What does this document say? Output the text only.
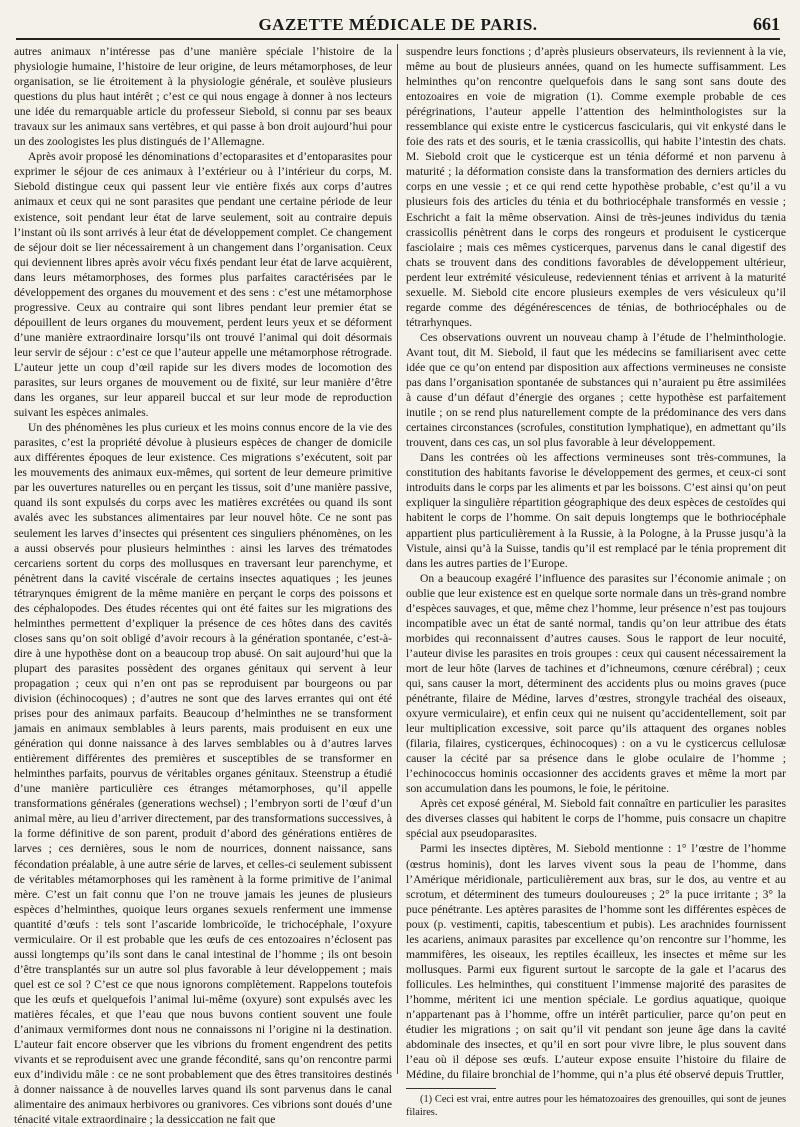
GAZETTE MÉDICALE DE PARIS.	661

autres animaux n’intéresse pas d’une manière spéciale l’histoire de la physiologie humaine, l’histoire de leur origine, de leurs métamorphoses, de leur organisation, se lie étroitement à la physiologie générale, et soulève plusieurs questions du plus haut intérêt ; c’est ce qui nous engage à donner à nos lecteurs une idée du remarquable article du professeur Siebold, si connu par ses beaux travaux sur les animaux sans vertèbres, et qui passe à bon droit aujourd’hui pour un des zoologistes les plus distingués de l’Allemagne.

Après avoir proposé les dénominations d’ectoparasites et d’entoparasites pour exprimer le séjour de ces animaux à l’extérieur ou à l’intérieur du corps, M. Siebold distingue ceux qui passent leur vie entière fixés aux corps d’autres animaux et ceux qui ne sont parasites que pendant une certaine période de leur existence, soit pendant leur état de larve seulement, soit au contraire depuis l’instant où ils sont arrivés à leur état de développement complet. Ce changement de séjour doit se lier nécessairement à un changement dans l’organisation. Ceux qui deviennent libres après avoir vécu fixés pendant leur état de larve acquièrent, dans leurs métamorphoses, des formes plus parfaites caractérisées par le développement des organes du mouvement et des sens : c’est une métamorphose progressive. Ceux au contraire qui sont libres pendant leur premier état se dépouillent de leurs organes du mouvement, perdent leurs yeux et se déforment d’une manière extraordinaire lorsqu’ils ont trouvé l’animal qui doit désormais leur servir de séjour : c’est ce que l’auteur appelle une métamorphose rétrograde. L’auteur jette un coup d’œil rapide sur les divers modes de locomotion des parasites, sur leurs organes de mouvement ou de fixité, sur leur manière d’être dans les organes, sur leur appareil buccal et sur leur mode de reproduction suivant les espèces animales.

Un des phénomènes les plus curieux et les moins connus encore de la vie des parasites, c’est la propriété dévolue à plusieurs espèces de changer de domicile aux différentes époques de leur existence. Ces migrations s’exécutent, soit par les mouvements des animaux eux-mêmes, qui sortent de leur demeure primitive par les ouvertures naturelles ou en perçant les tissus, soit d’une manière passive, quand ils sont expulsés du corps avec les matières excrétées ou quand ils sont avalés avec les substances alimentaires par leur nouvel hôte. Ce ne sont pas seulement les larves d’insectes qui présentent ces singuliers phénomènes, on les a aussi observés pour plusieurs helminthes : ainsi les larves des trématodes cercariens sortent du corps des mollusques en traversant leur parenchyme, et pénètrent dans la cavité viscérale de certains insectes aquatiques ; les jeunes tétrarynques émigrent de la même manière en perçant le corps des poissons et des céphalopodes. Des études récentes qui ont été faites sur les migrations des helminthes permettent d’expliquer la présence de ces hôtes dans des cavités closes sans qu’on soit obligé d’avoir recours à la génération spontanée, c’est-à-dire à une hypothèse dont on a beaucoup trop abusé. On sait aujourd’hui que la plupart des parasites possèdent des organes génitaux qui servent à leur propagation ; ceux qui n’en ont pas se reproduisent par bourgeons ou par division (échinocoques) ; d’autres ne sont que des larves errantes qui ont été prises pour des animaux parfaits. Beaucoup d’helminthes ne se transforment jamais en animaux semblables à leurs parents, mais produisent en eux une génération qui donne naissance à des larves semblables ou à d’autres larves entièrement différentes des premières et susceptibles de se transformer en helminthes parfaits, pourvus de véritables organes génitaux. Steenstrup a étudié d’une manière particulière ces étranges métamorphoses, qu’il appelle transformations générales (generations wechsel) ; l’embryon sorti de l’œuf d’un animal mère, au lieu d’arriver directement, par des transformations successives, à la forme définitive de son parent, produit d’abord des générations entières de larves ; ces dernières, sous le nom de nourrices, donnent naissance, sans fécondation préalable, à une autre série de larves, et celles-ci seulement subissent de véritables métamorphoses qui les ramènent à la forme primitive de l’animal mère. C’est un fait connu que l’on ne trouve jamais les jeunes de plusieurs espèces d’helminthes, quoique leurs organes sexuels renferment une immense quantité d’œufs : tels sont l’ascaride lombricoïde, le trichocéphale, l’oxyure vermiculaire. Or il est probable que les œufs de ces entozoaires n’éclosent pas aussi longtemps qu’ils sont dans le canal intestinal de l’homme ; ils ont besoin d’être transplantés sur un autre sol plus favorable à leur développement ; mais quel est ce sol ? C’est ce que nous ignorons complètement. Rappelons toutefois que les œufs et quelquefois l’animal lui-même (oxyure) sont expulsés avec les matières fécales, et que l’eau que nous buvons contient souvent une foule d’animaux vermiformes dont nous ne connaissons ni l’origine ni la destination. L’auteur fait encore observer que les vibrions du froment engendrent des petits vivants et se reproduisent avec une grande fécondité, sans qu’on rencontre parmi eux d’individu mâle : ce ne sont probablement que des êtres transitoires destinés à donner naissance à de nouvelles larves quand ils sont parvenus dans le canal alimentaire des animaux herbivores ou granivores. Ces vibrions sont doués d’une ténacité vitale extraordinaire ; la dessiccation ne fait que

suspendre leurs fonctions ; d’après plusieurs observateurs, ils reviennent à la vie, même au bout de plusieurs années, quand on les humecte suffisamment. Les helminthes qu’on rencontre quelquefois dans le sang sont sans doute des entozoaires en voie de migration (1). Comme exemple probable de ces pérégrinations, l’auteur appelle l’attention des helminthologistes sur la ressemblance qui existe entre le cysticercus fascicularis, qui vit enkysté dans le foie des rats et des souris, et le tænia crassicollis, qui habite l’intestin des chats. M. Siebold croit que le cysticerque est un ténia déformé et non parvenu à maturité ; la déformation consiste dans la transformation des derniers articles du corps en une vessie ; et ce qui rend cette hypothèse probable, c’est qu’il a vu plusieurs fois des articles du ténia et du bothriocéphale transformés en vessie ; Eschricht a fait la même observation. Ainsi de très-jeunes individus du tænia crassicollis pénètrent dans le corps des rongeurs et produisent le cysticerque fasciolaire ; mais ces mêmes cysticerques, parvenus dans le canal digestif des chats se trouvent dans des conditions favorables de développement ultérieur, perdent leur extrémité vésiculeuse, redeviennent ténias et arrivent à la maturité sexuelle. M. Siebold cite encore plusieurs exemples de vers vésiculeux qu’il regarde comme des dégénérescences de ténias, de bothriocéphales ou de tétrarhynques.

Ces observations ouvrent un nouveau champ à l’étude de l’helminthologie. Avant tout, dit M. Siebold, il faut que les médecins se familiarisent avec cette idée que ce qu’on entend par disposition aux affections vermineuses ne consiste pas dans l’organisation spontanée de substances qui n’auraient pu être assimilées à cause d’un défaut d’énergie des organes ; cette hypothèse est parfaitement inutile ; on se rend plus naturellement compte de la prédominance des vers dans certaines circonstances (scrofules, constitution lymphatique), en admettant qu’ils trouvent, dans ces cas, un sol plus favorable à leur développement.

Dans les contrées où les affections vermineuses sont très-communes, la constitution des habitants favorise le développement des germes, et ceux-ci sont introduits dans le corps par les aliments et par les boissons. C’est ainsi qu’on peut expliquer la singulière répartition géographique des deux espèces de cestoïdes qui habitent le corps de l’homme. On sait depuis longtemps que le bothriocéphale appartient plus particulièrement à la Russie, à la Pologne, à la Prusse jusqu’à la Vistule, ainsi qu’à la Suisse, tandis qu’il est remplacé par le ténia proprement dit dans les autres parties de l’Europe.

On a beaucoup exagéré l’influence des parasites sur l’économie animale ; on oublie que leur existence est en quelque sorte normale dans un très-grand nombre d’espèces sauvages, et que, même chez l’homme, leur présence n’est pas toujours incompatible avec un état de santé normal, tandis qu’on leur attribue des états morbides qui reconnaissent d’autres causes. Sous le rapport de leur nocuité, l’auteur divise les parasites en trois groupes : ceux qui causent nécessairement la mort de leur hôte (larves de tachines et d’ichneumons, cœnure cérébral) ; ceux qui, sans causer la mort, déterminent des accidents plus ou moins graves (puce pénétrante, filaire de Médine, larves d’œstres, strongyle trachéal des oiseaux, oxyure vermiculaire), et enfin ceux qui ne nuisent qu’accidentellement, soit par leur multiplication excessive, soit parce qu’ils attaquent des organes nobles (filaria, filaires, cysticerques, échinocoques) : on a vu le cysticercus cellulosæ causer la cécité par sa présence dans le globe oculaire de l’homme ; l’echinococcus hominis occasionner des accidents graves et même la mort par son accumulation dans les poumons, le foie, le péritoine.

Après cet exposé général, M. Siebold fait connaître en particulier les parasites des diverses classes qui habitent le corps de l’homme, puis consacre un chapitre spécial aux pseudoparasites.

Parmi les insectes diptères, M. Siebold mentionne : 1° l’œstre de l’homme (œstrus hominis), dont les larves vivent sous la peau de l’homme, dans l’Amérique méridionale, particulièrement aux bras, sur le dos, au ventre et au scrotum, et déterminent des tumeurs douloureuses ; 2° la puce irritante ; 3° la puce pénétrante. Les aptères parasites de l’homme sont les différentes espèces de poux (p. vestimenti, capitis, tabescentium et pubis). Les arachnides fournissent les acariens, animaux parasites par excellence qu’on rencontre sur l’homme, les mammifères, les oiseaux, les reptiles écailleux, les insectes et même sur les mollusques. Parmi eux figurent surtout le sarcopte de la gale et l’acarus des follicules. Les helminthes, qui constituent l’immense majorité des parasites de l’homme, méritent ici une mention spéciale. Le gordius aquatique, quoique n’appartenant pas à l’homme, offre un intérêt particulier, parce qu’on peut en étudier les migrations ; on sait qu’il vit pendant son jeune âge dans la cavité abdominale des insectes, et qu’il en sort pour vivre libre, le plus souvent dans l’eau où il dépose ses œufs. L’auteur expose ensuite l’histoire du filaire de Médine, du filaire bronchial de l’homme, qui n’a plus été observé depuis Truttler,

(1) Ceci est vrai, entre autres pour les hématozoaires des grenouilles, qui sont de jeunes filaires.
